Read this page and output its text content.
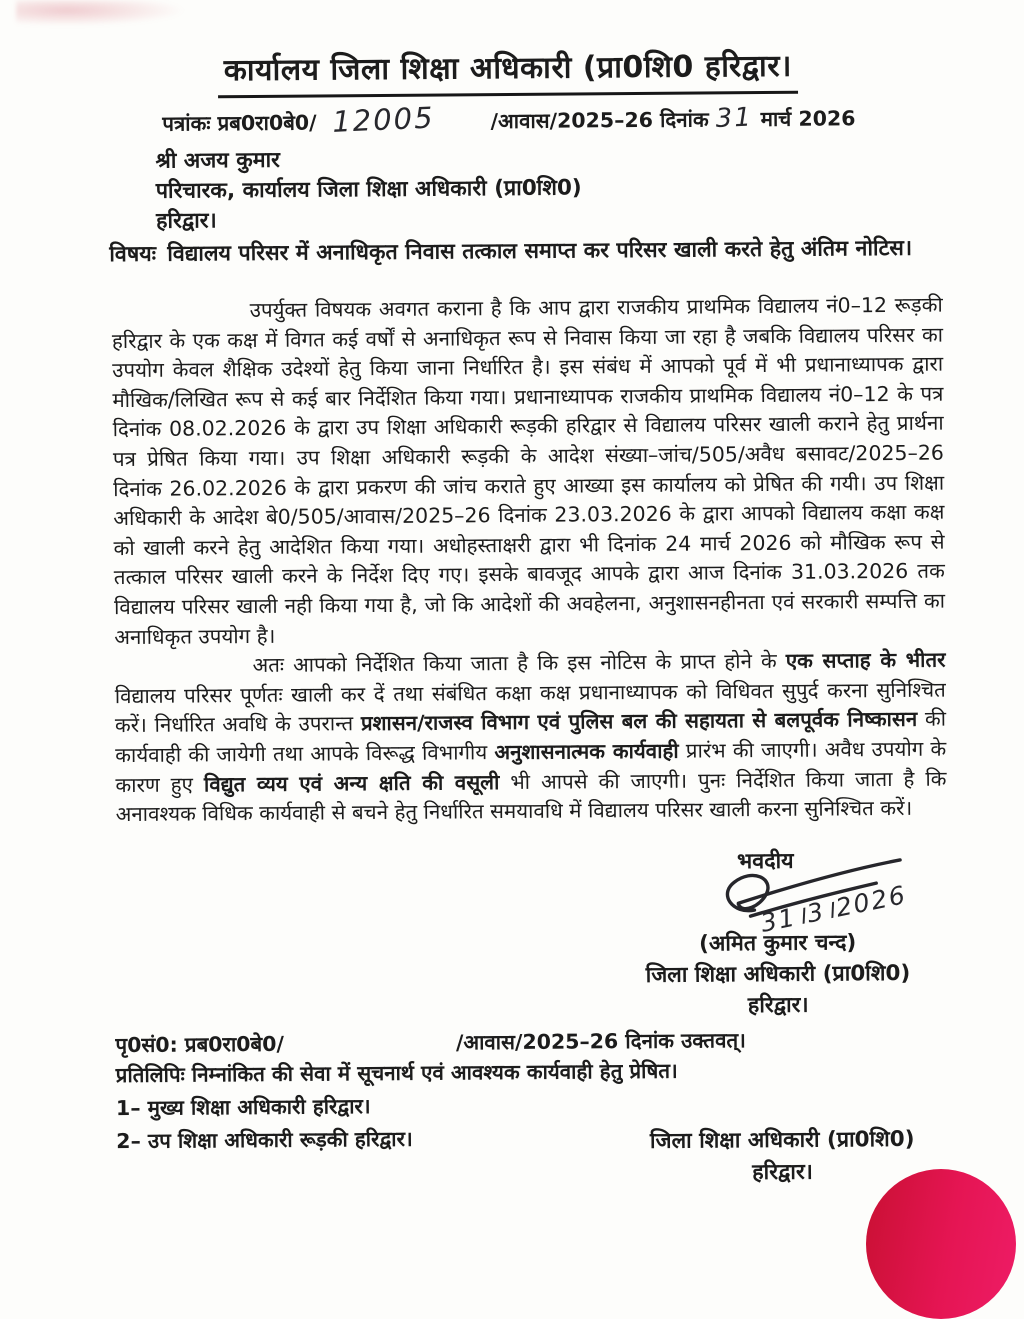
कार्यालय जिला शिक्षा अधिकारी (प्रा0शि0 हरिद्वार।
पत्रांकः प्रब0रा0बे0/ 12005	/आवास/2025–26 दिनांक 31 मार्च 2026
श्री अजय कुमार
परिचारक, कार्यालय जिला शिक्षा अधिकारी (प्रा0शि0)
हरिद्वार।
विषयः विद्यालय परिसर में अनाधिकृत निवास तत्काल समाप्त कर परिसर खाली करते हेतु अंतिम नोटिस।
उपर्युक्त विषयक अवगत कराना है कि आप द्वारा राजकीय प्राथमिक विद्यालय नं0–12 रूड़की हरिद्वार के एक कक्ष में विगत कई वर्षों से अनाधिकृत रूप से निवास किया जा रहा है जबकि विद्यालय परिसर का उपयोग केवल शैक्षिक उदेश्यों हेतु किया जाना निर्धारित है। इस संबंध में आपको पूर्व में भी प्रधानाध्यापक द्वारा मौखिक/लिखित रूप से कई बार निर्देशित किया गया। प्रधानाध्यापक राजकीय प्राथमिक विद्यालय नं0–12 के पत्र दिनांक 08.02.2026 के द्वारा उप शिक्षा अधिकारी रूड़की हरिद्वार से विद्यालय परिसर खाली कराने हेतु प्रार्थना पत्र प्रेषित किया गया। उप शिक्षा अधिकारी रूड़की के आदेश संख्या–जांच/505/अवैध बसावट/2025–26 दिनांक 26.02.2026 के द्वारा प्रकरण की जांच कराते हुए आख्या इस कार्यालय को प्रेषित की गयी। उप शिक्षा अधिकारी के आदेश बे0/505/आवास/2025–26 दिनांक 23.03.2026 के द्वारा आपको विद्यालय कक्षा कक्ष को खाली करने हेतु आदेशित किया गया। अधोहस्ताक्षरी द्वारा भी दिनांक 24 मार्च 2026 को मौखिक रूप से तत्काल परिसर खाली करने के निर्देश दिए गए। इसके बावजूद आपके द्वारा आज दिनांक 31.03.2026 तक विद्यालय परिसर खाली नही किया गया है, जो कि आदेशों की अवहेलना, अनुशासनहीनता एवं सरकारी सम्पत्ति का अनाधिकृत उपयोग है।
अतः आपको निर्देशित किया जाता है कि इस नोटिस के प्राप्त होने के एक सप्ताह के भीतर विद्यालय परिसर पूर्णतः खाली कर दें तथा संबंधित कक्षा कक्ष प्रधानाध्यापक को विधिवत सुपुर्द करना सुनिश्चित करें। निर्धारित अवधि के उपरान्त प्रशासन/राजस्व विभाग एवं पुलिस बल की सहायता से बलपूर्वक निष्कासन की कार्यवाही की जायेगी तथा आपके विरूद्ध विभागीय अनुशासनात्मक कार्यवाही प्रारंभ की जाएगी। अवैध उपयोग के कारण हुए विद्युत व्यय एवं अन्य क्षति की वसूली भी आपसे की जाएगी। पुनः निर्देशित किया जाता है कि अनावश्यक विधिक कार्यवाही से बचने हेतु निर्धारित समयावधि में विद्यालय परिसर खाली करना सुनिश्चित करें।
भवदीय
31।3।2026
(अमित कुमार चन्द)
जिला शिक्षा अधिकारी (प्रा0शि0)
हरिद्वार।
पृ0सं0: प्रब0रा0बे0/	/आवास/2025–26 दिनांक उक्तवत्।
प्रतिलिपिः निम्नांकित की सेवा में सूचनार्थ एवं आवश्यक कार्यवाही हेतु प्रेषित।
1– मुख्य शिक्षा अधिकारी हरिद्वार।
2– उप शिक्षा अधिकारी रूड़की हरिद्वार।	जिला शिक्षा अधिकारी (प्रा0शि0)
हरिद्वार।
